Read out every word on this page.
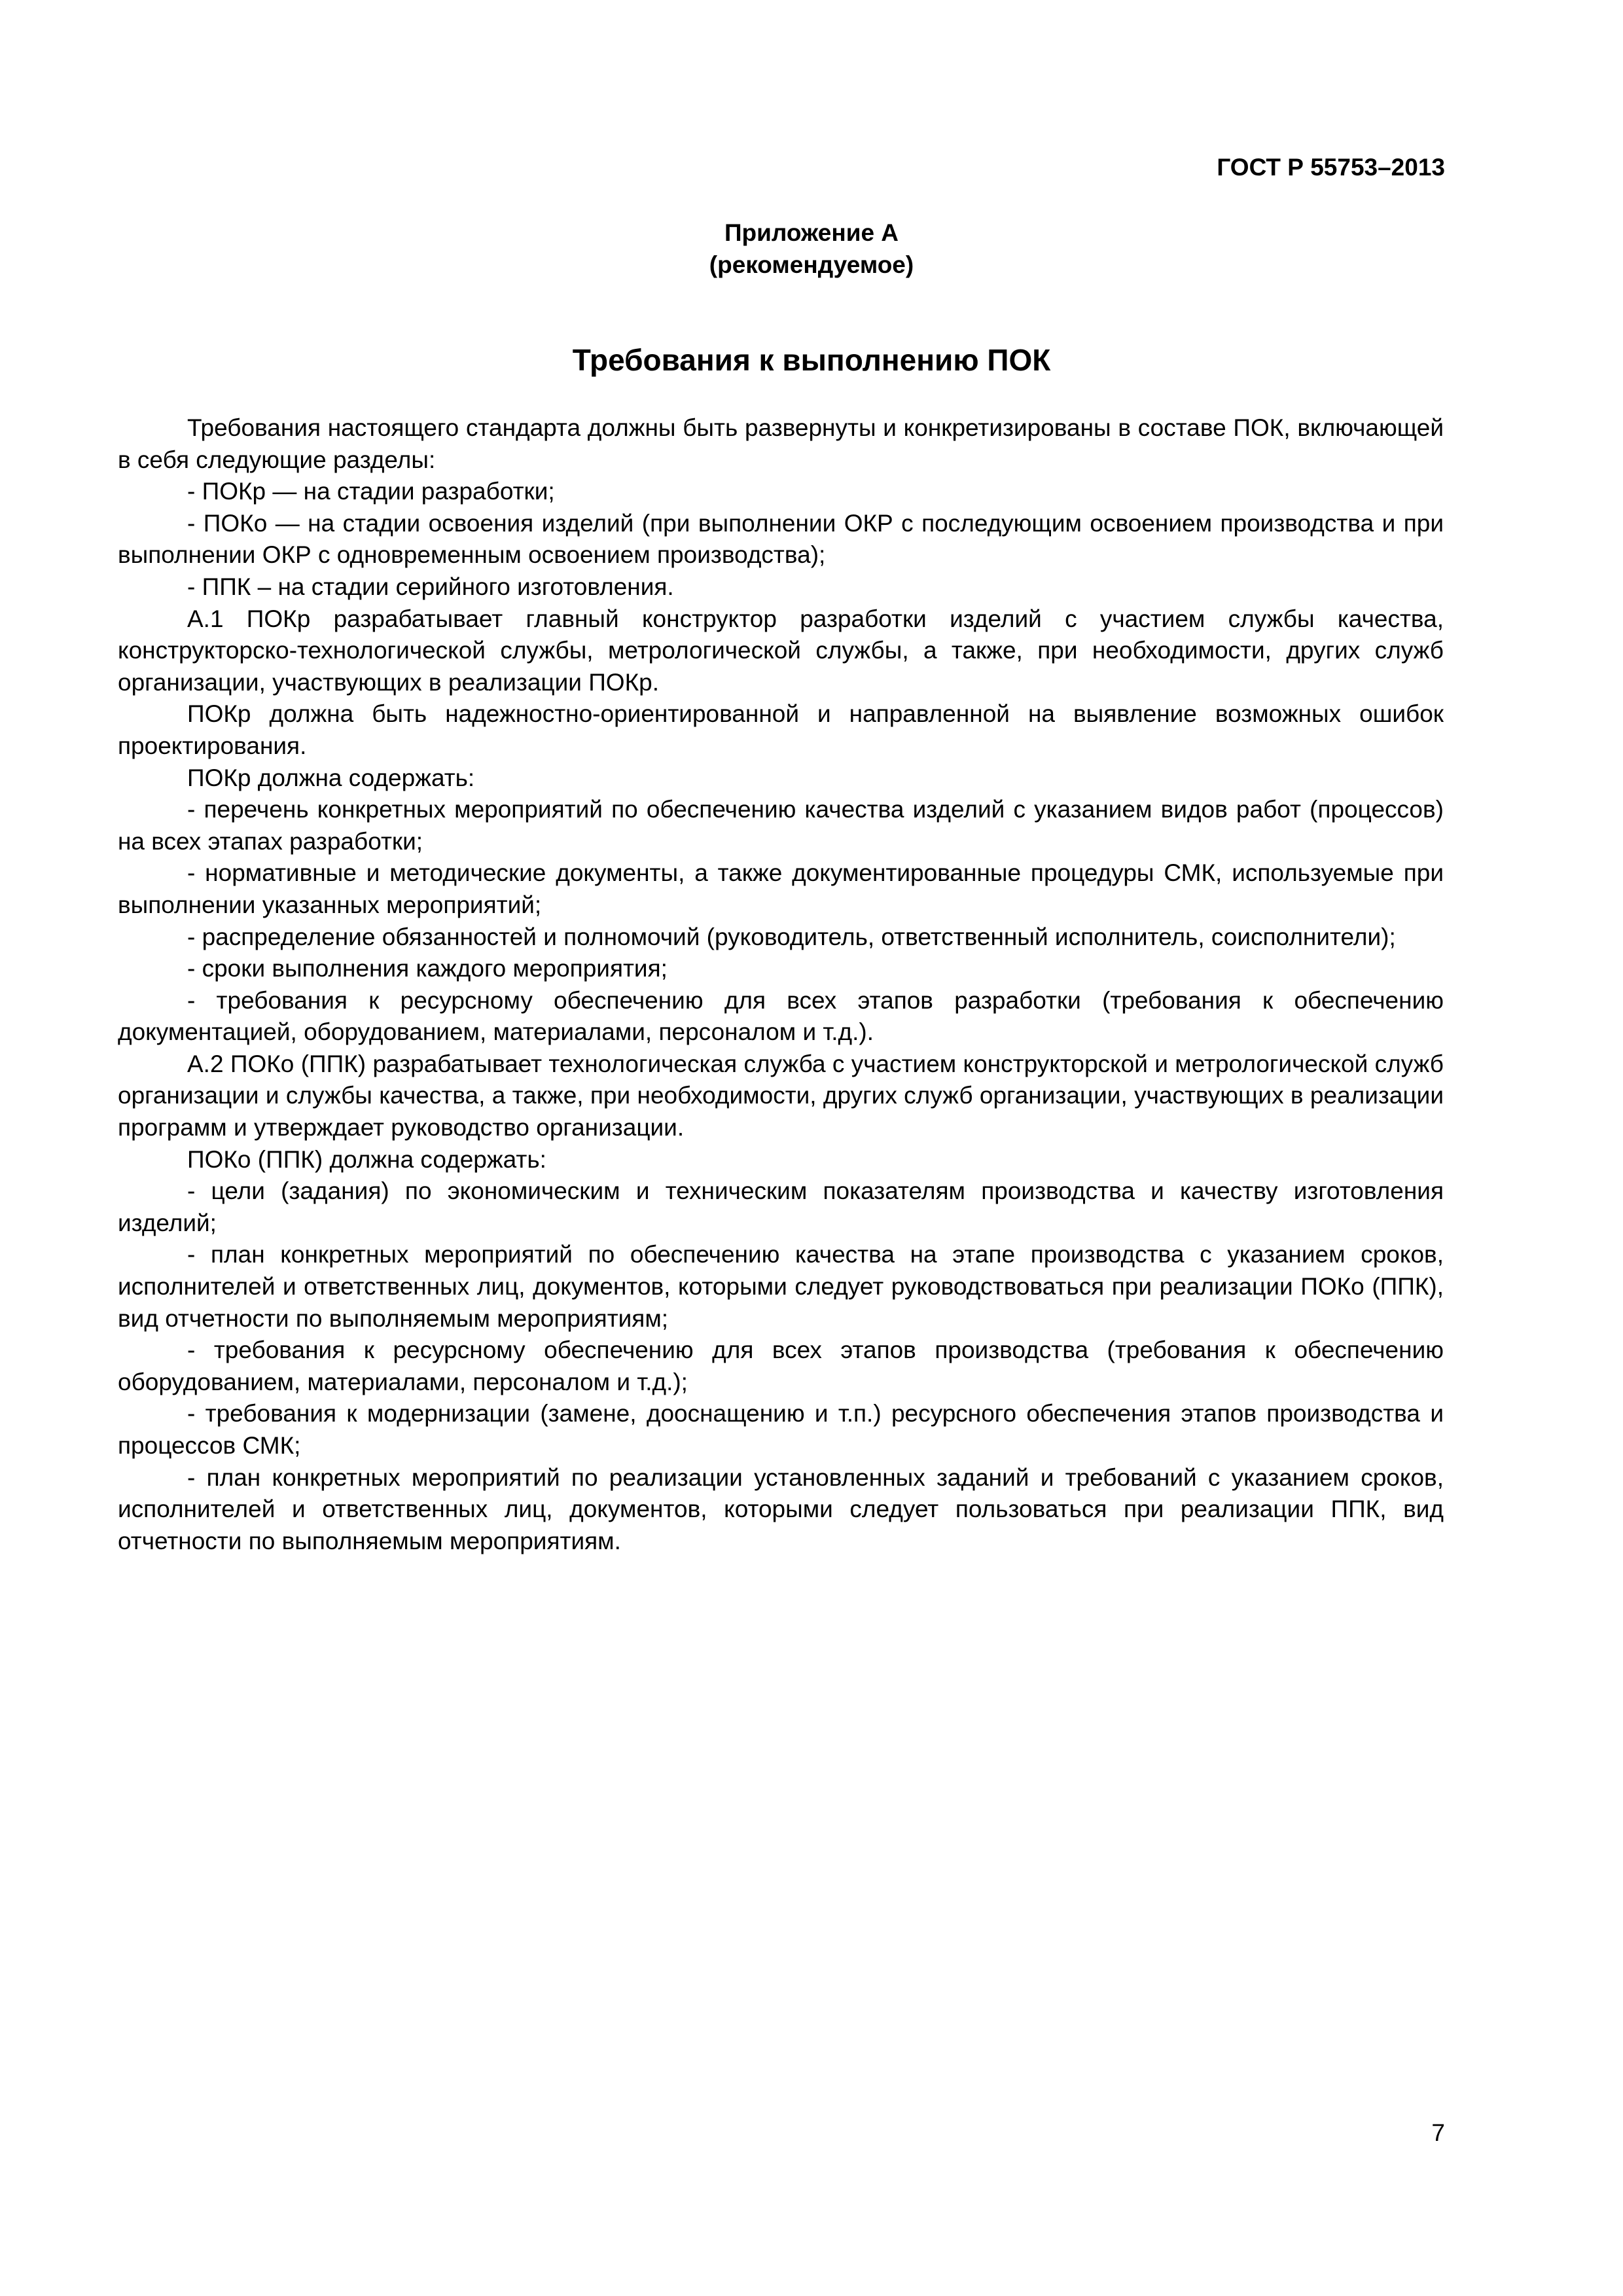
ГОСТ Р 55753–2013
Приложение А
(рекомендуемое)
Требования к выполнению ПОК

Требования настоящего стандарта должны быть развернуты и конкретизированы в составе ПОК, включающей в себя следующие разделы:

- ПОКр — на стадии разработки;

- ПОКо — на стадии освоения изделий (при выполнении ОКР с последующим освоением производства и при выполнении ОКР с одновременным освоением производства);

- ППК – на стадии серийного изготовления.

А.1 ПОКр разрабатывает главный конструктор разработки изделий с участием службы качества, конструкторско-технологической службы, метрологической службы, а также, при необходимости, других служб организации, участвующих в реализации ПОКр.

ПОКр должна быть надежностно-ориентированной и направленной на выявление возможных ошибок проектирования.

ПОКр должна содержать:

- перечень конкретных мероприятий по обеспечению качества изделий с указанием видов работ (процессов) на всех этапах разработки;

- нормативные и методические документы, а также документированные процедуры СМК, используемые при выполнении указанных мероприятий;

- распределение обязанностей и полномочий (руководитель, ответственный исполнитель, соисполнители);

- сроки выполнения каждого мероприятия;

- требования к ресурсному обеспечению для всех этапов разработки (требования к обеспечению документацией, оборудованием, материалами, персоналом и т.д.).

А.2 ПОКо (ППК) разрабатывает технологическая служба с участием конструкторской и метрологической служб организации и службы качества, а также, при необходимости, других служб организации, участвующих в реализации программ и утверждает руководство организации.

ПОКо (ППК) должна содержать:

- цели (задания) по экономическим и техническим показателям производства и качеству изготовления изделий;

- план конкретных мероприятий по обеспечению качества на этапе производства с указанием сроков, исполнителей и ответственных лиц, документов, которыми следует руководствоваться при реализации ПОКо (ППК), вид отчетности по выполняемым мероприятиям;

- требования к ресурсному обеспечению для всех этапов производства (требования к обеспечению оборудованием, материалами, персоналом и т.д.);

- требования к модернизации (замене, дооснащению и т.п.) ресурсного обеспечения этапов производства и процессов СМК;

- план конкретных мероприятий по реализации установленных заданий и требований с указанием сроков, исполнителей и ответственных лиц, документов, которыми следует пользоваться при реализации ППК, вид отчетности по выполняемым мероприятиям.

7
